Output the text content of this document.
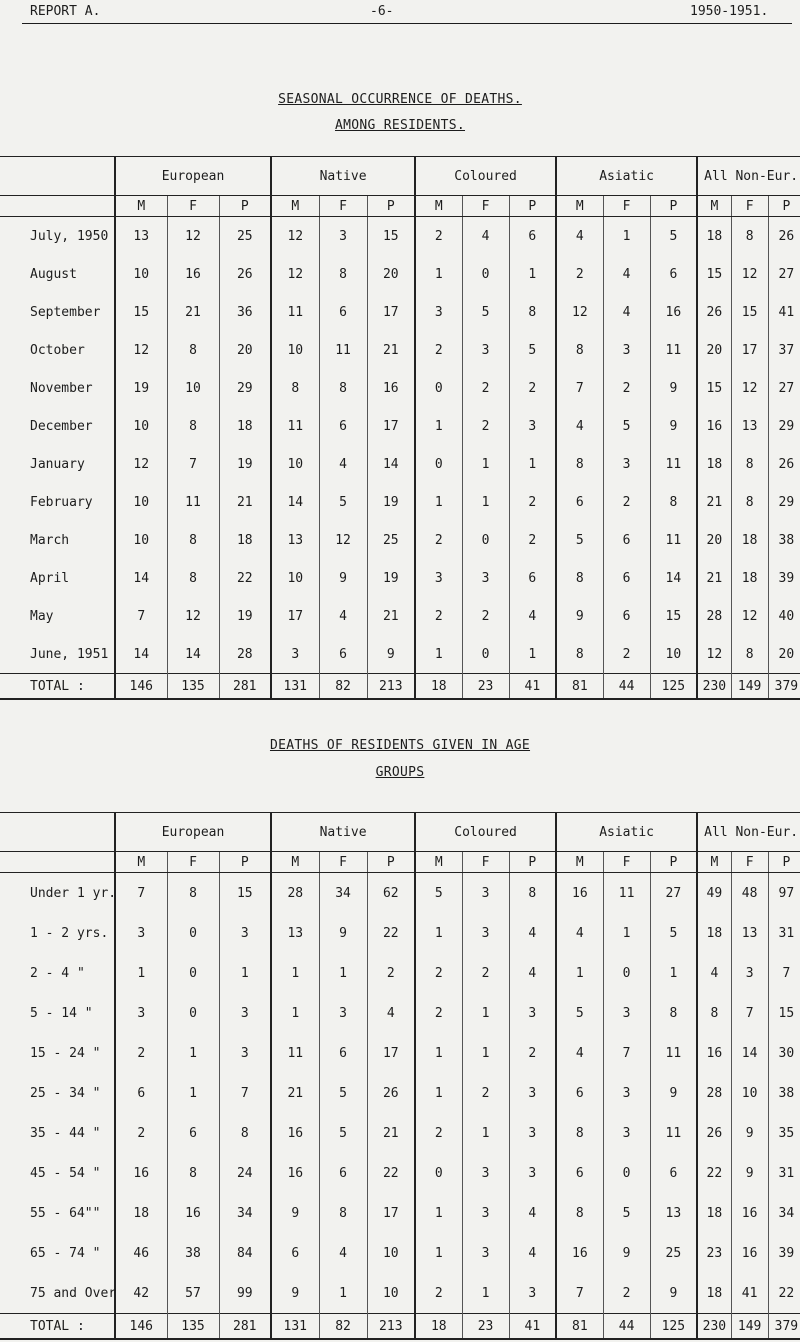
REPORT A.	-6-	1950-1951.
SEASONAL OCCURRENCE OF DEATHS.
AMONG RESIDENTS.
	European			Native			Coloured			Asiatic			All Non-Eur.		
	M	F	P	M	F	P	M	F	P	M	F	P	M	F	P
July, 1950	13	12	25	12	3	15	2	4	6	4	1	5	18	8	26
August	10	16	26	12	8	20	1	0	1	2	4	6	15	12	27
September	15	21	36	11	6	17	3	5	8	12	4	16	26	15	41
October	12	8	20	10	11	21	2	3	5	8	3	11	20	17	37
November	19	10	29	8	8	16	0	2	2	7	2	9	15	12	27
December	10	8	18	11	6	17	1	2	3	4	5	9	16	13	29
January	12	7	19	10	4	14	0	1	1	8	3	11	18	8	26
February	10	11	21	14	5	19	1	1	2	6	2	8	21	8	29
March	10	8	18	13	12	25	2	0	2	5	6	11	20	18	38
April	14	8	22	10	9	19	3	3	6	8	6	14	21	18	39
May	7	12	19	17	4	21	2	2	4	9	6	15	28	12	40
June, 1951	14	14	28	3	6	9	1	0	1	8	2	10	12	8	20
TOTAL :	146	135	281	131	82	213	18	23	41	81	44	125	230	149	379
DEATHS OF RESIDENTS GIVEN IN AGE
GROUPS
	European			Native			Coloured			Asiatic			All Non-Eur.		
	M	F	P	M	F	P	M	F	P	M	F	P	M	F	P
Under 1 yr.	7	8	15	28	34	62	5	3	8	16	11	27	49	48	97
1 - 2 yrs.	3	0	3	13	9	22	1	3	4	4	1	5	18	13	31
2 - 4 "	1	0	1	1	1	2	2	2	4	1	0	1	4	3	7
5 - 14 "	3	0	3	1	3	4	2	1	3	5	3	8	8	7	15
15 - 24 "	2	1	3	11	6	17	1	1	2	4	7	11	16	14	30
25 - 34 "	6	1	7	21	5	26	1	2	3	6	3	9	28	10	38
35 - 44 "	2	6	8	16	5	21	2	1	3	8	3	11	26	9	35
45 - 54 "	16	8	24	16	6	22	0	3	3	6	0	6	22	9	31
55 - 64""	18	16	34	9	8	17	1	3	4	8	5	13	18	16	34
65 - 74 "	46	38	84	6	4	10	1	3	4	16	9	25	23	16	39
75 and Over	42	57	99	9	1	10	2	1	3	7	2	9	18	41	22
TOTAL :	146	135	281	131	82	213	18	23	41	81	44	125	230	149	379
